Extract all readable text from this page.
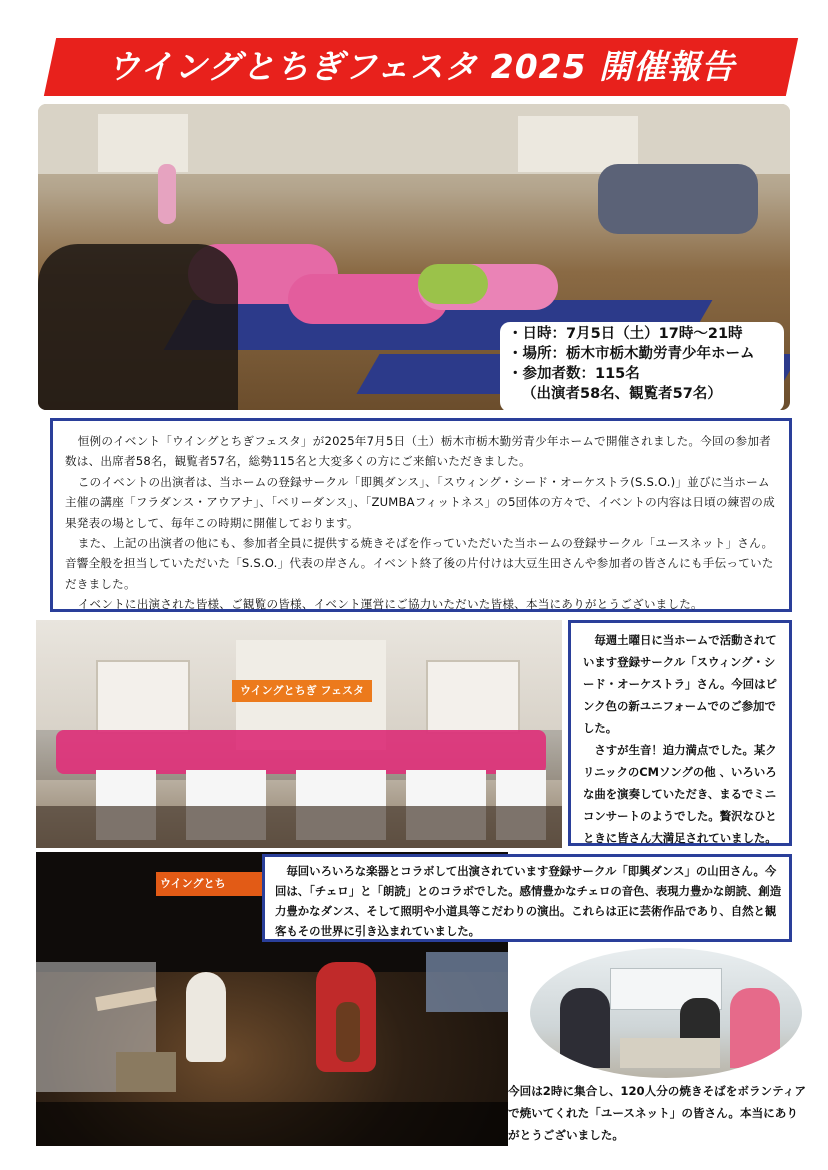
ウイングとちぎフェスタ 2025 開催報告
・日時：7月5日（土）17時～21時
・場所：栃木市栃木勤労青少年ホーム
・参加者数：115名
（出演者58名、観覧者57名）

恒例のイベント「ウイングとちぎフェスタ」が2025年7月5日（土）栃木市栃木勤労青少年ホームで開催されました。今回の参加者数は、出席者58名，観覧者57名，総勢115名と大変多くの方にご来館いただきました。

このイベントの出演者は、当ホームの登録サークル「即興ダンス」、「スウィング・シード・オーケストラ(S.S.O.)」並びに当ホーム主催の講座「フラダンス・アウアナ」、「ベリーダンス」、「ZUMBAフィットネス」の5団体の方々で、イベントの内容は日頃の練習の成果発表の場として、毎年この時期に開催しております。

また、上記の出演者の他にも、参加者全員に提供する焼きそばを作っていただいた当ホームの登録サークル「ユースネット」さん。音響全般を担当していただいた「S.S.O.」代表の岸さん。イベント終了後の片付けは大豆生田さんや参加者の皆さんにも手伝っていただきました。

イベントに出演された皆様、ご観覧の皆様、イベント運営にご協力いただいた皆様、本当にありがとうございました。

ウイングとちぎ フェスタ

毎週土曜日に当ホームで活動されています登録サークル「スウィング・シード・オーケストラ」さん。今回はピンク色の新ユニフォームでのご参加でした。

さすが生音！迫力満点でした。某クリニックのCMソングの他 、いろいろな曲を演奏していただき、まるでミニコンサートのようでした。贅沢なひとときに皆さん大満足されていました。

ウイングとち

毎回いろいろな楽器とコラボして出演されています登録サークル「即興ダンス」の山田さん。今回は、「チェロ」と「朗読」とのコラボでした。感情豊かなチェロの音色、表現力豊かな朗読、創造力豊かなダンス、そして照明や小道具等こだわりの演出。これらは正に芸術作品であり、自然と観客もその世界に引き込まれていました。

今回は2時に集合し、120人分の焼きそばをボランティアで焼いてくれた「ユースネット」の皆さん。本当にありがとうございました。
